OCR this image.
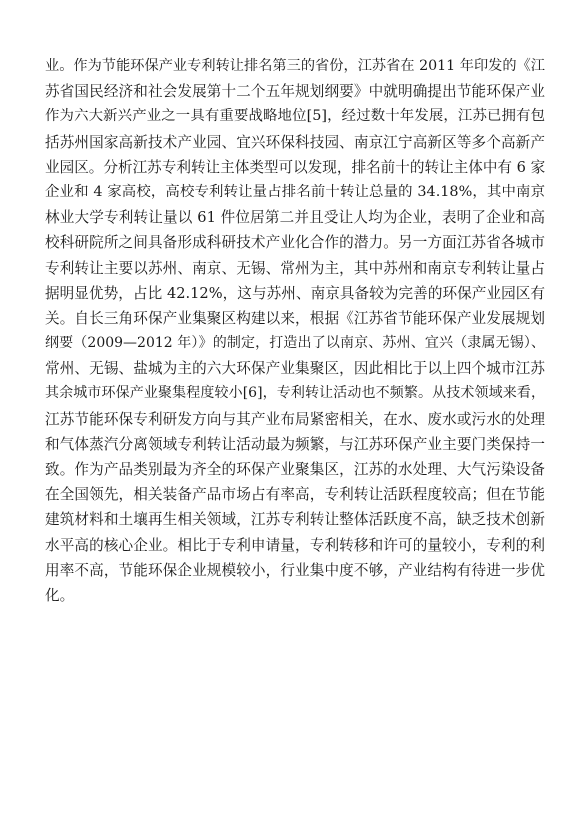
业。作为节能环保产业专利转让排名第三的省份，江苏省在 2011 年印发的《江
苏省国民经济和社会发展第十二个五年规划纲要》中就明确提出节能环保产业
作为六大新兴产业之一具有重要战略地位[5]，经过数十年发展，江苏已拥有包
括苏州国家高新技术产业园、宜兴环保科技园、南京江宁高新区等多个高新产
业园区。分析江苏专利转让主体类型可以发现，排名前十的转让主体中有 6 家
企业和 4 家高校，高校专利转让量占排名前十转让总量的 34.18%，其中南京
林业大学专利转让量以 61 件位居第二并且受让人均为企业，表明了企业和高
校科研院所之间具备形成科研技术产业化合作的潜力。另一方面江苏省各城市
专利转让主要以苏州、南京、无锡、常州为主，其中苏州和南京专利转让量占
据明显优势，占比 42.12%，这与苏州、南京具备较为完善的环保产业园区有
关。自长三角环保产业集聚区构建以来，根据《江苏省节能环保产业发展规划
纲要（2009—2012 年）》的制定，打造出了以南京、苏州、宜兴（隶属无锡）、
常州、无锡、盐城为主的六大环保产业集聚区，因此相比于以上四个城市江苏
其余城市环保产业聚集程度较小[6]，专利转让活动也不频繁。从技术领域来看，
江苏节能环保专利研发方向与其产业布局紧密相关，在水、废水或污水的处理
和气体蒸汽分离领域专利转让活动最为频繁，与江苏环保产业主要门类保持一
致。作为产品类别最为齐全的环保产业聚集区，江苏的水处理、大气污染设备
在全国领先，相关装备产品市场占有率高，专利转让活跃程度较高；但在节能
建筑材料和土壤再生相关领域，江苏专利转让整体活跃度不高，缺乏技术创新
水平高的核心企业。相比于专利申请量，专利转移和许可的量较小，专利的利
用率不高，节能环保企业规模较小，行业集中度不够，产业结构有待进一步优
化。
